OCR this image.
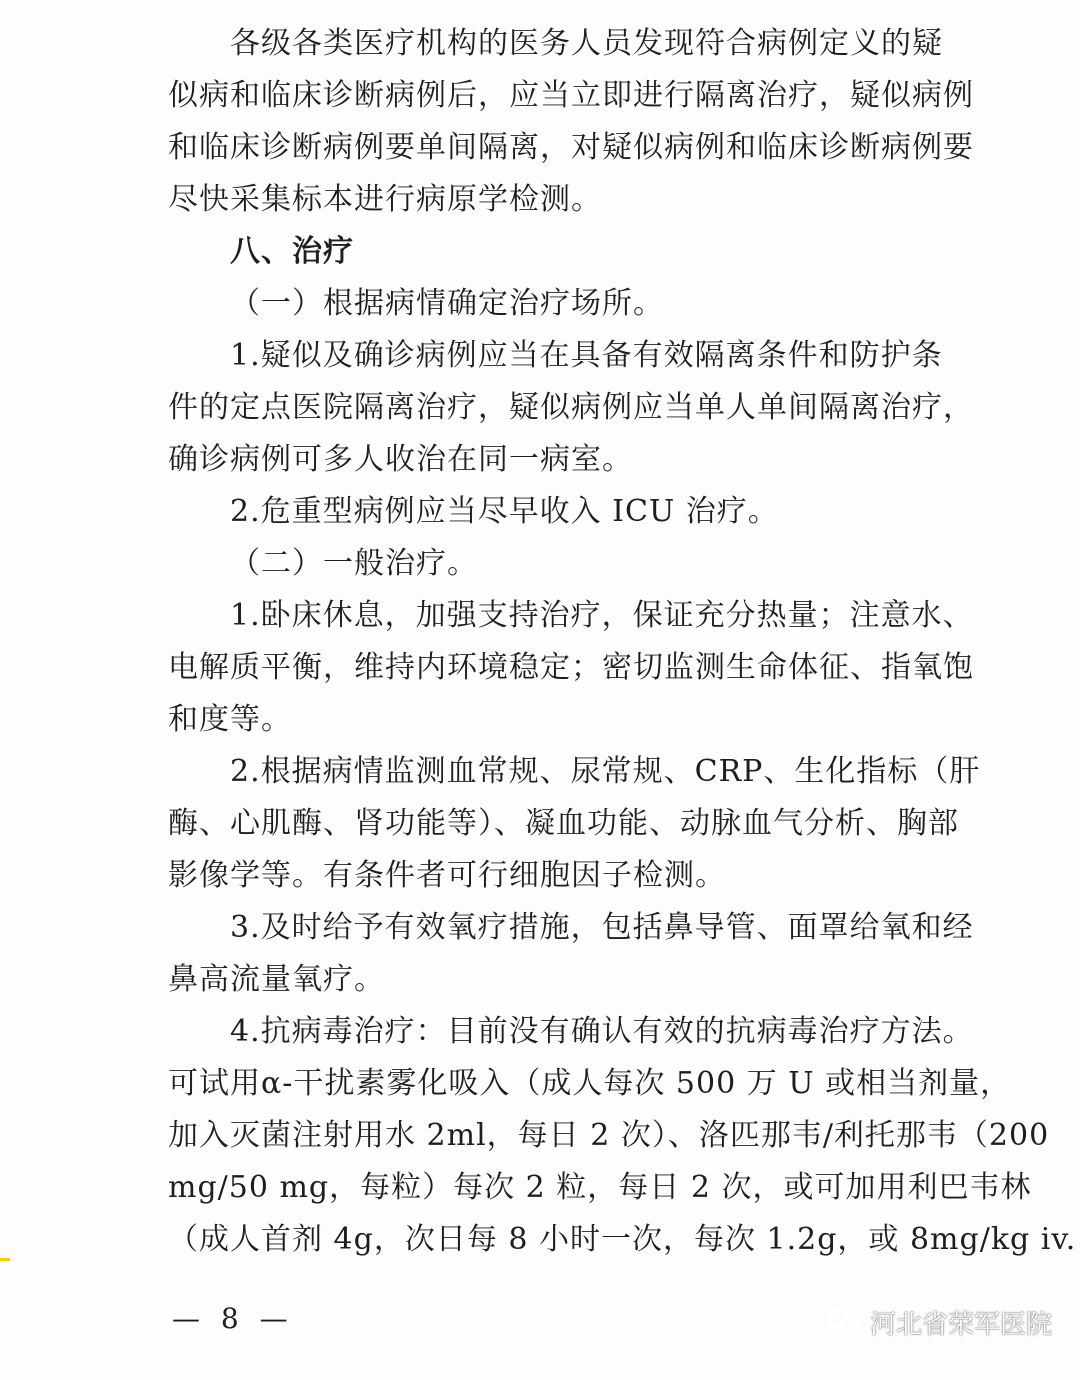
各级各类医疗机构的医务人员发现符合病例定义的疑
似病和临床诊断病例后，应当立即进行隔离治疗，疑似病例
和临床诊断病例要单间隔离，对疑似病例和临床诊断病例要
尽快采集标本进行病原学检测。
八、治疗
（一）根据病情确定治疗场所。
1.疑似及确诊病例应当在具备有效隔离条件和防护条
件的定点医院隔离治疗，疑似病例应当单人单间隔离治疗，
确诊病例可多人收治在同一病室。
2.危重型病例应当尽早收入 ICU 治疗。
（二）一般治疗。
1.卧床休息，加强支持治疗，保证充分热量；注意水、
电解质平衡，维持内环境稳定；密切监测生命体征、指氧饱
和度等。
2.根据病情监测血常规、尿常规、CRP、生化指标（肝
酶、心肌酶、肾功能等）、凝血功能、动脉血气分析、胸部
影像学等。有条件者可行细胞因子检测。
3.及时给予有效氧疗措施，包括鼻导管、面罩给氧和经
鼻高流量氧疗。
4.抗病毒治疗：目前没有确认有效的抗病毒治疗方法。
可试用α-干扰素雾化吸入（成人每次 500 万 U 或相当剂量，
加入灭菌注射用水 2ml，每日 2 次）、洛匹那韦/利托那韦（200
mg/50 mg，每粒）每次 2 粒，每日 2 次，或可加用利巴韦林
（成人首剂 4g，次日每 8 小时一次，每次 1.2g，或 8mg/kg iv.
— 8 —	河北省荣军医院
